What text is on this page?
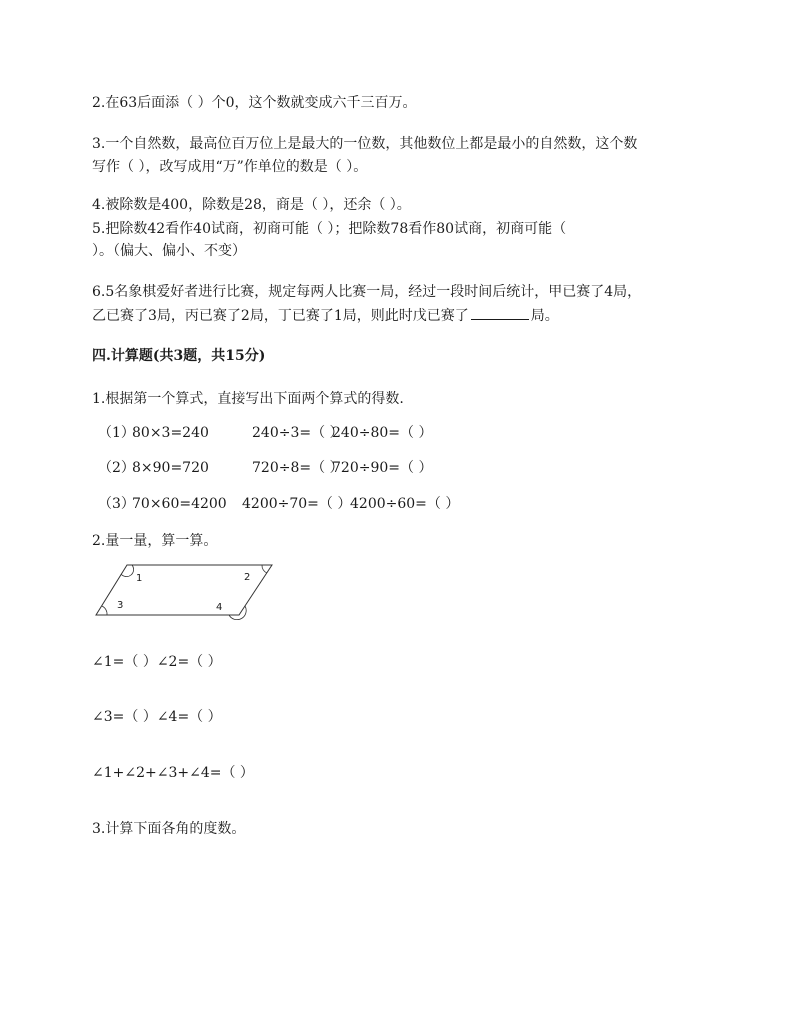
2.在63后面添（ ）个0，这个数就变成六千三百万。
3.一个自然数，最高位百万位上是最大的一位数，其他数位上都是最小的自然数，这个数
写作（ ），改写成用“万”作单位的数是（ ）。
4.被除数是400，除数是28，商是（ ），还余（ ）。
5.把除数42看作40试商，初商可能（ ）；把除数78看作80试商，初商可能（
）。（偏大、偏小、不变）
6.5名象棋爱好者进行比赛，规定每两人比赛一局，经过一段时间后统计，甲已赛了4局，
乙已赛了3局，丙已赛了2局，丁已赛了1局，则此时戊已赛了	局。
四.计算题(共3题，共15分)
1.根据第一个算式，直接写出下面两个算式的得数.
（1）
80×3=240	240÷3=（ ）
240÷80=（ ）
（2）
8×90=720	720÷8=（ ）
720÷90=（ ）
（3）
70×60=4200 4200÷70=（ ）
4200÷60=（ ）
2.量一量，算一算。
1	2
3	4
∠1=（ ）∠2=（ ）
∠3=（ ）∠4=（ ）
∠1+∠2+∠3+∠4=（ ）
3.计算下面各角的度数。
